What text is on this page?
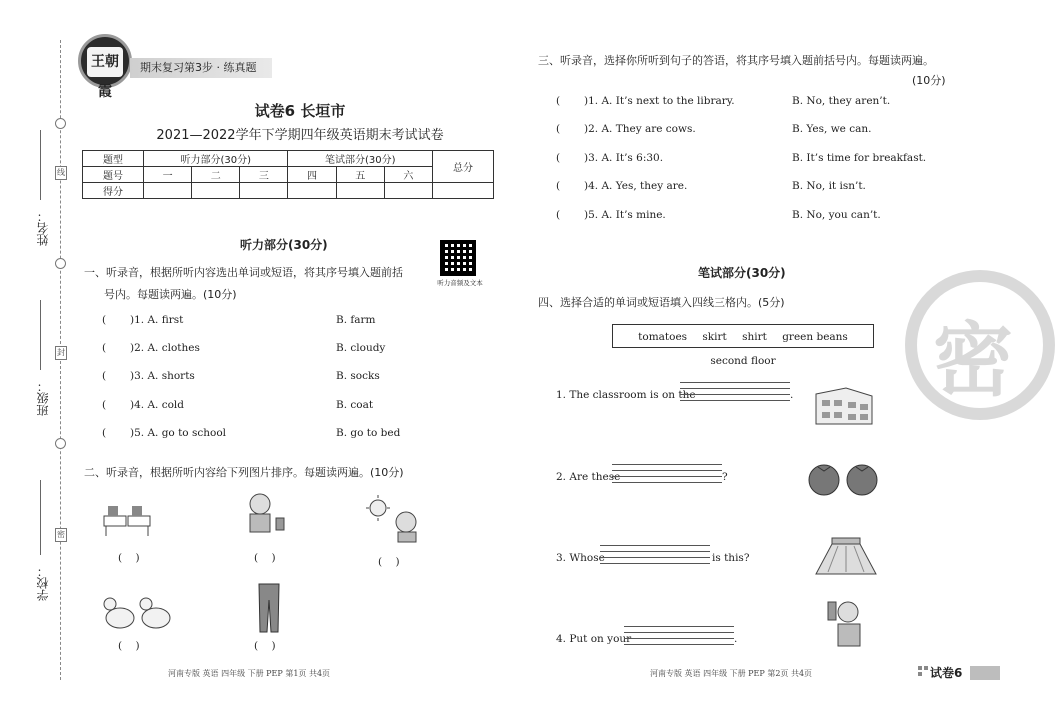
线
封
密
姓名：
班级：
学校：
王朝霞
期末复习第3步 · 练真题
试卷6 长垣市
2021—2022学年下学期四年级英语期末考试试卷
题型	听力部分(30分)			笔试部分(30分)			总分
题号	一	二	三	四	五	六	
得分							
听力部分(30分)
听力音频及文本
一、听录音，根据所听内容选出单词或短语，将其序号填入题前括
号内。每题读两遍。(10分)
( )1. A. first	B. farm
( )2. A. clothes	B. cloudy
( )3. A. shorts	B. socks
( )4. A. cold	B. coat
( )5. A. go to school	B. go to bed
二、听录音，根据所听内容给下列图片排序。每题读两遍。(10分)
(    )	(    )	(    )
(    )	(    )
河南专版 英语 四年级 下册 PEP 第1页 共4页
三、听录音，选择你所听到句子的答语，将其序号填入题前括号内。每题读两遍。
(10分)
( )1. A. It’s next to the library.	B. No, they aren’t.
( )2. A. They are cows.	B. Yes, we can.
( )3. A. It’s 6:30.	B. It’s time for breakfast.
( )4. A. Yes, they are.	B. No, it isn’t.
( )5. A. It’s mine.	B. No, you can’t.
笔试部分(30分)
四、选择合适的单词或短语填入四线三格内。(5分)
tomatoes skirt shirt green beans second floor
1. The classroom is on the	.
2. Are these	?
3. Whose	is this?
4. Put on your	.
河南专版 英语 四年级 下册 PEP 第2页 共4页	试卷6
密
